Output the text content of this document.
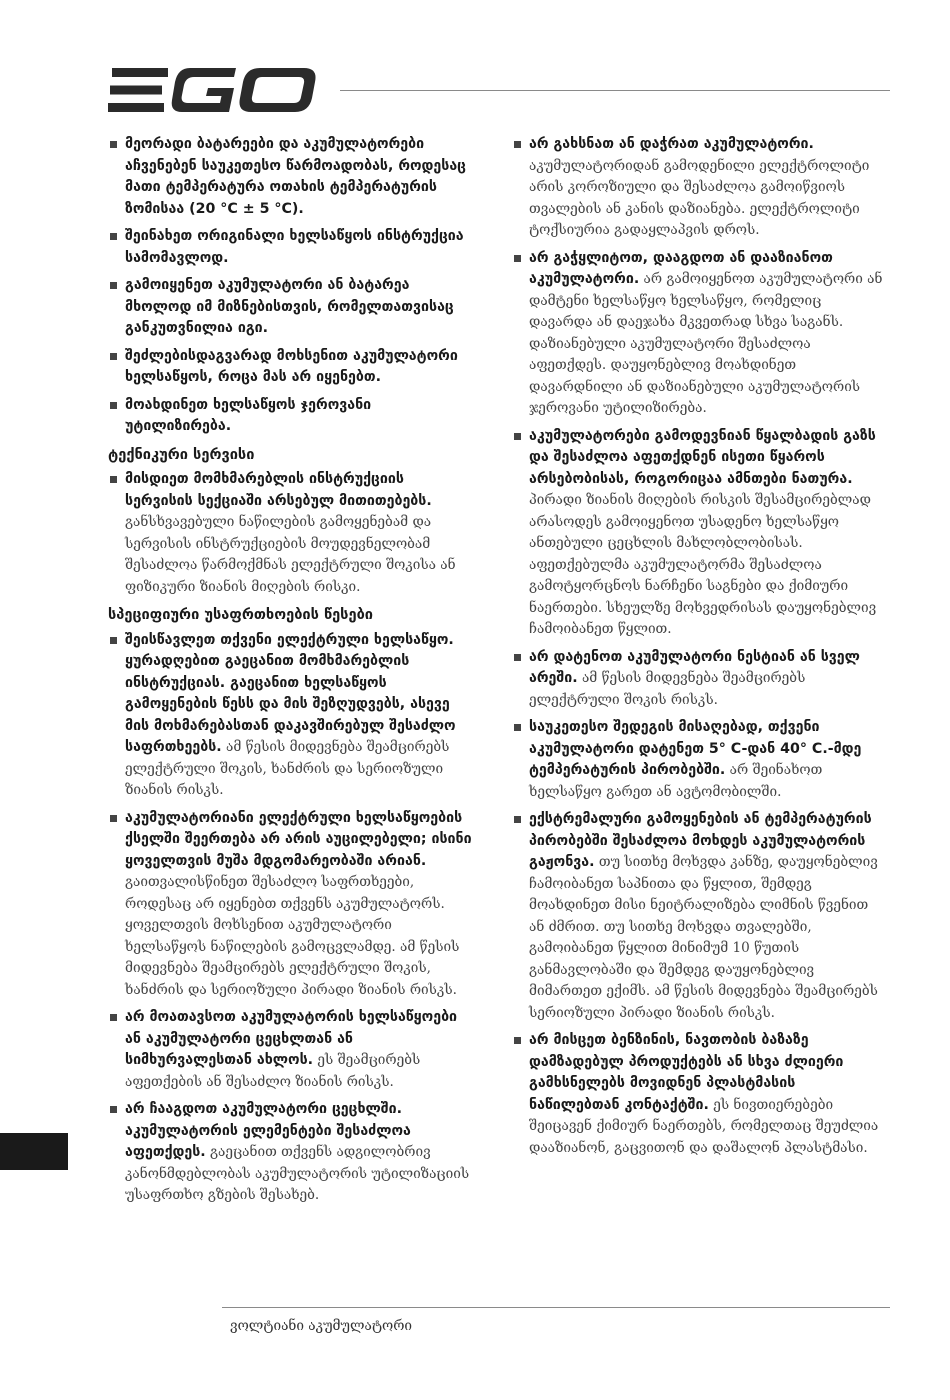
მეორადი ბატარეები და აკუმულატორები აჩვენებენ საუკეთესო წარმოადობას, როდესაც მათი ტემპერატურა ოთახის ტემპერატურის ზომისაა (20 °C ± 5 °C).
შეინახეთ ორიგინალი ხელსაწყოს ინსტრუქცია სამომავლოდ.
გამოიყენეთ აკუმულატორი ან ბატარეა მხოლოდ იმ მიზნებისთვის, რომელთათვისაც განკუთვნილია იგი.
შეძლებისდაგვარად მოხსენით აკუმულატორი ხელსაწყოს, როცა მას არ იყენებთ.
მოახდინეთ ხელსაწყოს ჯეროვანი უტილიზირება.
ტექნიკური სერვისი
მისდიეთ მომხმარებლის ინსტრუქციის სერვისის სექციაში არსებულ მითითებებს. განსხვავებული ნაწილების გამოყენებამ და სერვისის ინსტრუქციების მოუდევნელობამ შესაძლოა წარმოქმნას ელექტრული შოკისა ან ფიზიკური ზიანის მიღების რისკი.
სპეციფიური უსაფრთხოების წესები
შეისწავლეთ თქვენი ელექტრული ხელსაწყო. ყურადღებით გაეცანით მომხმარებლის ინსტრუქციას. გაეცანით ხელსაწყოს გამოყენების წესს და მის შეზღუდვებს, ასევე მის მოხმარებასთან დაკავშირებულ შესაძლო საფრთხეებს. ამ წესის მიდევნება შეამცირებს ელექტრული შოკის, ხანძრის და სერიოზული ზიანის რისკს.
აკუმულატორიანი ელექტრული ხელსაწყოების ქსელში შეერთება არ არის აუცილებელი; ისინი ყოველთვის მუშა მდგომარეობაში არიან. გაითვალისწინეთ შესაძლო საფრთხეები, როდესაც არ იყენებთ თქვენს აკუმულატორს. ყოველთვის მოხსენით აკუმულატორი ხელსაწყოს ნაწილების გამოცვლამდე. ამ წესის მიდევნება შეამცირებს ელექტრული შოკის, ხანძრის და სერიოზული პირადი ზიანის რისკს.
არ მოათავსოთ აკუმულატორის ხელსაწყოები ან აკუმულატორი ცეცხლთან ან სიმხურვალესთან ახლოს. ეს შეამცირებს აფეთქების ან შესაძლო ზიანის რისკს.
არ ჩააგდოთ აკუმულატორი ცეცხლში. აკუმულატორის ელემენტები შესაძლოა აფეთქდეს. გაეცანით თქვენს ადგილობრივ კანონმდებლობას აკუმულატორის უტილიზაციის უსაფრთხო გზების შესახებ.
არ გახსნათ ან დაჭრათ აკუმულატორი. აკუმულატორიდან გამოდენილი ელექტროლიტი არის კოროზიული და შესაძლოა გამოიწვიოს თვალების ან კანის დაზიანება. ელექტროლიტი ტოქსიურია გადაყლაპვის დროს.
არ გაჭყლიტოთ, დააგდოთ ან დააზიანოთ აკუმულატორი. არ გამოიყენოთ აკუმულატორი ან დამტენი ხელსაწყო ხელსაწყო, რომელიც დავარდა ან დაეჯახა მკვეთრად სხვა საგანს. დაზიანებული აკუმულატორი შესაძლოა აფეთქდეს. დაუყონებლივ მოახდინეთ დავარდნილი ან დაზიანებული აკუმულატორის ჯეროვანი უტილიზირება.
აკუმულატორები გამოდევნიან წყალბადის გაზს და შესაძლოა აფეთქდნენ ისეთი წყაროს არსებობისას, როგორიცაა ამნთები ნათურა. პირადი ზიანის მიღების რისკის შესამცირებლად არასოდეს გამოიყენოთ უსადენო ხელსაწყო ანთებული ცეცხლის მახლობლობისას. აფეთქებულმა აკუმულატორმა შესაძლოა გამოტყორცნოს ნარჩენი საგნები და ქიმიური ნაერთები. სხეულზე მოხვედრისას დაუყონებლივ ჩამოიბანეთ წყლით.
არ დატენოთ აკუმულატორი ნესტიან ან სველ არეში. ამ წესის მიდევნება შეამცირებს ელექტრული შოკის რისკს.
საუკეთესო შედეგის მისაღებად, თქვენი აკუმულატორი დატენეთ 5° C-დან 40° C.-მდე ტემპერატურის პირობებში. არ შეინახოთ ხელსაწყო გარეთ ან ავტომობილში.
ექსტრემალური გამოყენების ან ტემპერატურის პირობებში შესაძლოა მოხდეს აკუმულატორის გაჟონვა. თუ სითხე მოხვდა კანზე, დაუყონებლივ ჩამოიბანეთ საპნითა და წყლით, შემდეგ მოახდინეთ მისი ნეიტრალიზება ლიმნის წვენით ან ძმრით. თუ სითხე მოხვდა თვალებში, გამოიბანეთ წყლით მინიმუმ 10 წუთის განმავლობაში და შემდეგ დაუყონებლივ მიმართეთ ექიმს. ამ წესის მიდევნება შეამცირებს სერიოზული პირადი ზიანის რისკს.
არ მისცეთ ბენზინის, ნავთობის ბაზაზე დამზადებულ პროდუქტებს ან სხვა ძლიერი გამხსნელებს მოვიდნენ პლასტმასის ნაწილებთან კონტაქტში. ეს ნივთიერებები შეიცავენ ქიმიურ ნაერთებს, რომელთაც შეუძლია დააზიანონ, გაცვითონ და დაშალონ პლასტმასი.
ვოლტიანი აკუმულატორი
